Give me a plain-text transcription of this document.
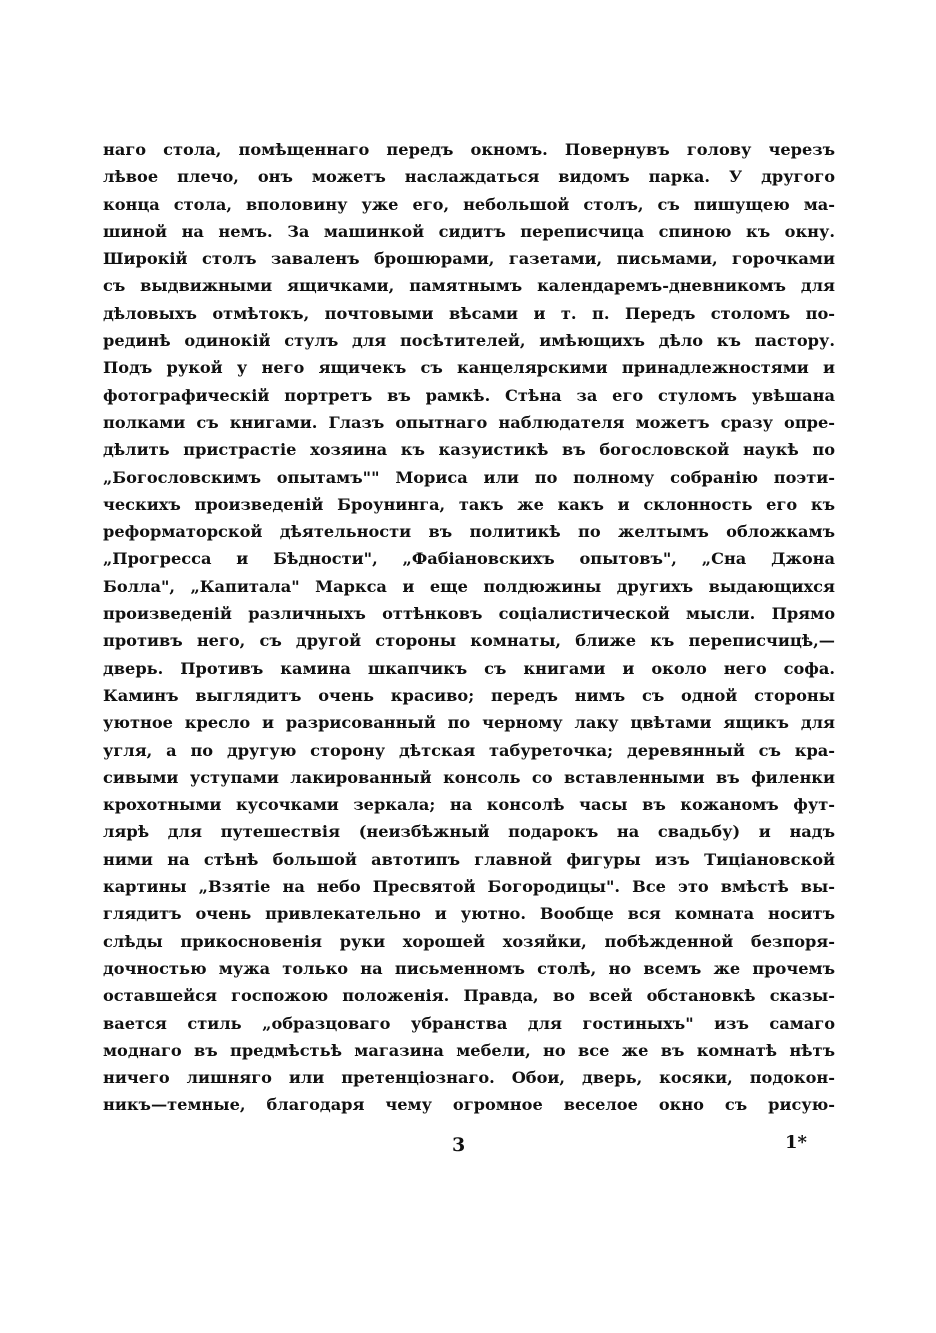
наго стола, помѣщеннаго передъ окномъ. Повернувъ голову черезъ
лѣвое плечо, онъ можетъ наслаждаться видомъ парка. У другого
конца стола, вполовину уже его, небольшой столъ, съ пишущею ма-
шиной на немъ. За машинкой сидитъ переписчица спиною къ окну.
Широкій столъ заваленъ брошюрами, газетами, письмами, горочками
съ выдвижными ящичками, памятнымъ календаремъ-дневникомъ для
дѣловыхъ отмѣтокъ, почтовыми вѣсами и т. п. Передъ столомъ по-
рединѣ одинокій стулъ для посѣтителей, имѣющихъ дѣло къ пастору.
Подъ рукой у него ящичекъ съ канцелярскими принадлежностями и
фотографическій портретъ въ рамкѣ. Стѣна за его стуломъ увѣшана
полками съ книгами. Глазъ опытнаго наблюдателя можетъ сразу опре-
дѣлить пристрастіе хозяина къ казуистикѣ въ богословской наукѣ по
„Богословскимъ опытамъ"" Мориса или по полному собранію поэти-
ческихъ произведеній Броунинга, такъ же какъ и склонность его къ
реформаторской дѣятельности въ политикѣ по желтымъ обложкамъ
„Прогресса и Бѣдности", „Фабіановскихъ опытовъ", „Сна Джона
Болла", „Капитала" Маркса и еще полдюжины другихъ выдающихся
произведеній различныхъ оттѣнковъ соціалистической мысли. Прямо
противъ него, съ другой стороны комнаты, ближе къ переписчицѣ,—
дверь. Противъ камина шкапчикъ съ книгами и около него софа.
Каминъ выглядитъ очень красиво; передъ нимъ съ одной стороны
уютное кресло и разрисованный по черному лаку цвѣтами ящикъ для
угля, а по другую сторону дѣтская табуреточка; деревянный съ кра-
сивыми уступами лакированный консоль со вставленными въ филенки
крохотными кусочками зеркала; на консолѣ часы въ кожаномъ фут-
лярѣ для путешествія (неизбѣжный подарокъ на свадьбу) и надъ
ними на стѣнѣ большой автотипъ главной фигуры изъ Тиціановской
картины „Взятіе на небо Пресвятой Богородицы". Все это вмѣстѣ вы-
глядитъ очень привлекательно и уютно. Вообще вся комната носитъ
слѣды прикосновенія руки хорошей хозяйки, побѣжденной безпоря-
дочностью мужа только на письменномъ столѣ, но всемъ же прочемъ
оставшейся госпожою положенія. Правда, во всей обстановкѣ сказы-
вается стиль „образцоваго убранства для гостиныхъ" изъ самаго
моднаго въ предмѣстьѣ магазина мебели, но все же въ комнатѣ нѣтъ
ничего лишняго или претенціознаго. Обои, дверь, косяки, подокон-
никъ—темные, благодаря чему огромное веселое окно съ рисую-
3	1*
